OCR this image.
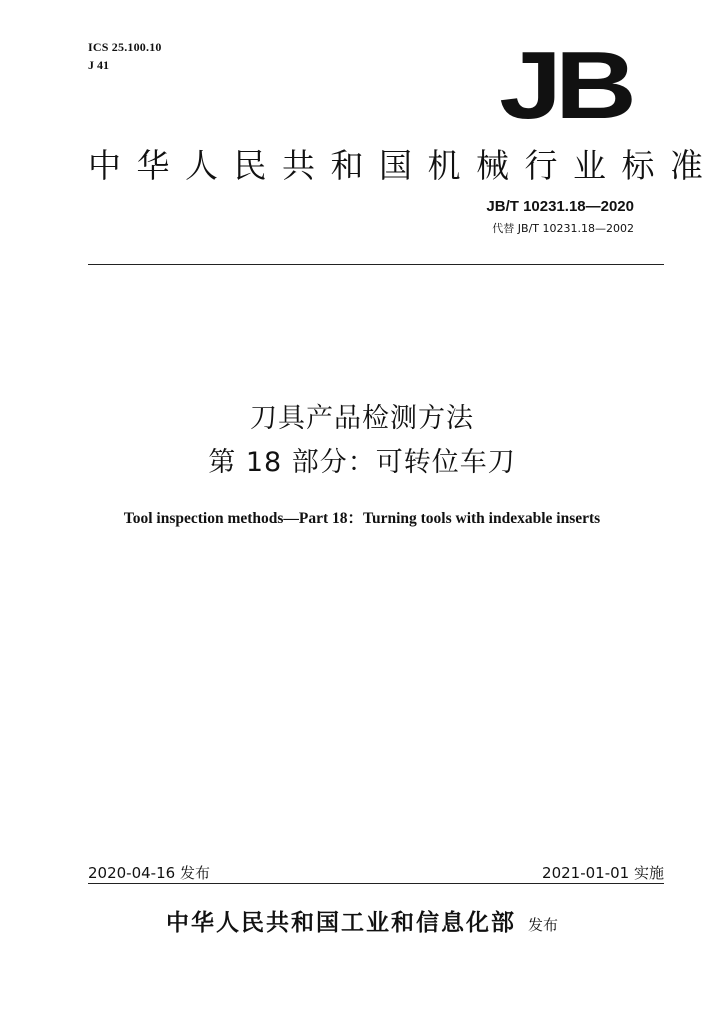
ICS 25.100.10
J 41	JB
中华人民共和国机械行业标准
JB/T 10231.18—2020
代替 JB/T 10231.18—2002
刀具产品检测方法
第 18 部分：可转位车刀
Tool inspection methods—Part 18：Turning tools with indexable inserts
2020-04-16 发布	2021-01-01 实施
中华人民共和国工业和信息化部 发布
